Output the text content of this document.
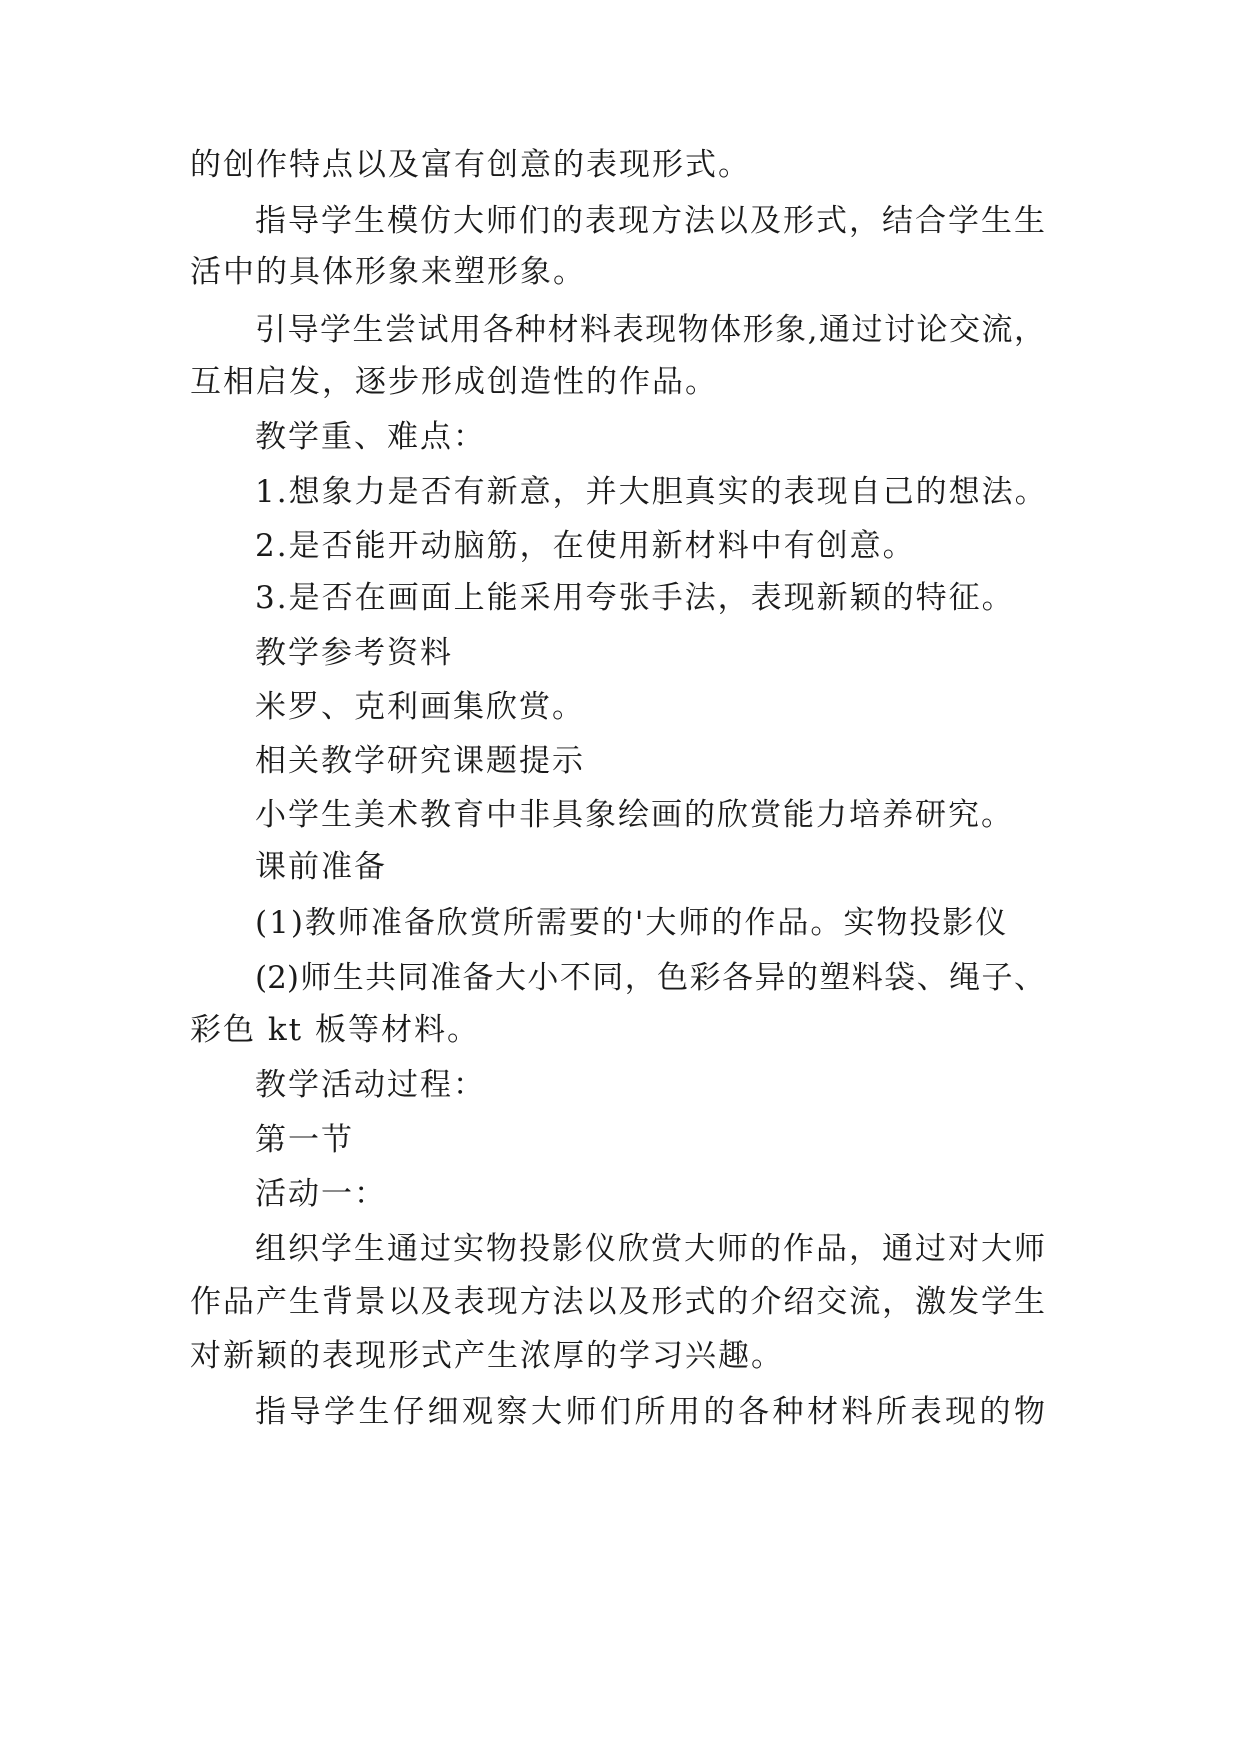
的创作特点以及富有创意的表现形式。
指导学生模仿大师们的表现方法以及形式，结合学生生
活中的具体形象来塑形象。
引导学生尝试用各种材料表现物体形象,通过讨论交流，
互相启发，逐步形成创造性的作品。
教学重、难点：
1.想象力是否有新意，并大胆真实的表现自己的想法。
2.是否能开动脑筋，在使用新材料中有创意。
3.是否在画面上能采用夸张手法，表现新颖的特征。
教学参考资料
米罗、克利画集欣赏。
相关教学研究课题提示
小学生美术教育中非具象绘画的欣赏能力培养研究。
课前准备
(1)教师准备欣赏所需要的'大师的作品。实物投影仪
(2)师生共同准备大小不同，色彩各异的塑料袋、绳子、
彩色 kt 板等材料。
教学活动过程：
第一节
活动一：
组织学生通过实物投影仪欣赏大师的作品，通过对大师
作品产生背景以及表现方法以及形式的介绍交流，激发学生
对新颖的表现形式产生浓厚的学习兴趣。
指导学生仔细观察大师们所用的各种材料所表现的物
